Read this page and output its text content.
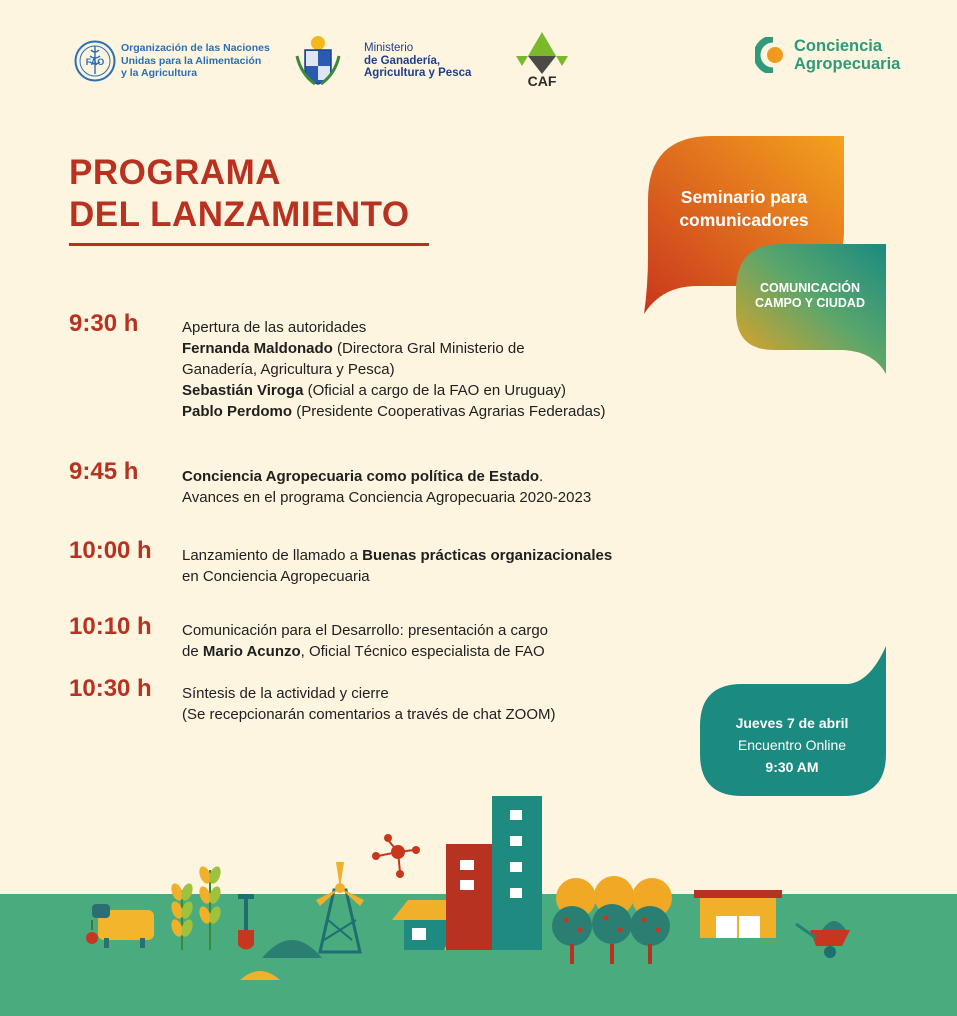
FAO
Organización de las Naciones
Unidas para la Alimentación
y la Agricultura
Ministerio
de Ganadería,
Agricultura y Pesca	CAF
Conciencia
Agropecuaria
PROGRAMA
DEL LANZAMIENTO	Seminario para
comunicadores
COMUNICACIÓN
CAMPO Y CIUDAD
Jueves 7 de abril
Encuentro Online
9:30 AM
9:30 h	Apertura de las autoridades
Fernanda Maldonado (Directora Gral Ministerio de
Ganadería, Agricultura y Pesca)
Sebastián Viroga (Oficial a cargo de la FAO en Uruguay)
Pablo Perdomo (Presidente Cooperativas Agrarias Federadas)
9:45 h	Conciencia Agropecuaria como política de Estado.
Avances en el programa Conciencia Agropecuaria 2020-2023
10:00 h Lanzamiento de llamado a Buenas prácticas organizacionales
en Conciencia Agropecuaria
10:10 h Comunicación para el Desarrollo: presentación a cargo
de Mario Acunzo, Oficial Técnico especialista de FAO
10:30 h Síntesis de la actividad y cierre
(Se recepcionarán comentarios a través de chat ZOOM)
